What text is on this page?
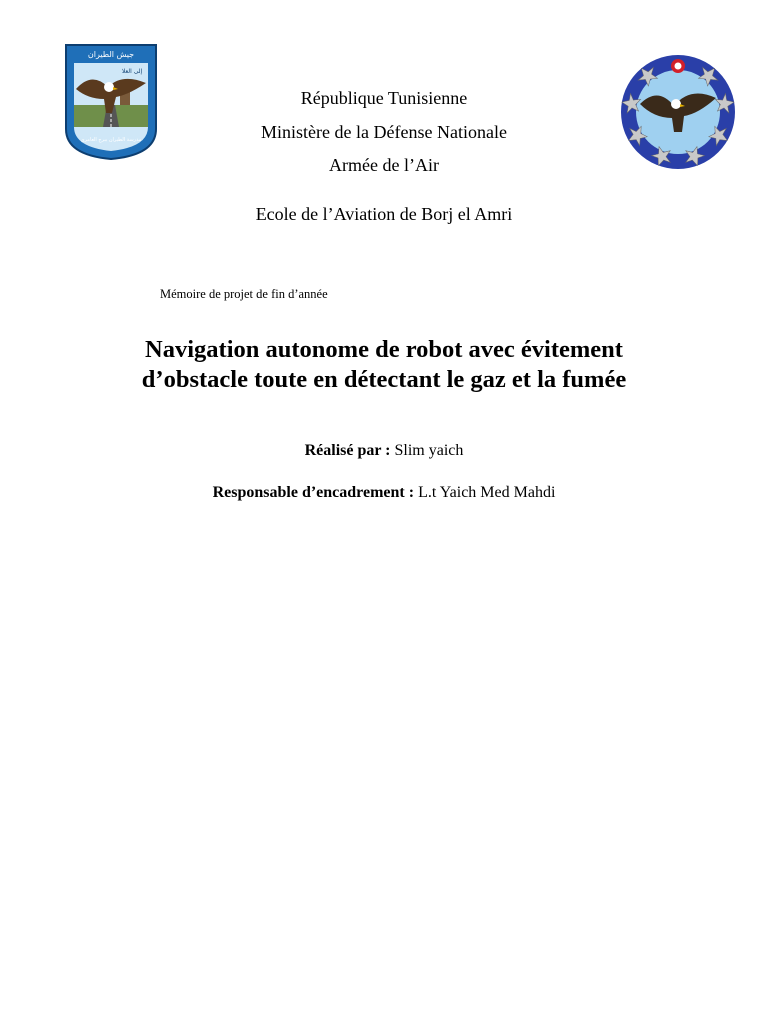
جيش الطيران
إلى العلا
مدرسة الطيران ببرج العامري
République Tunisienne
Ministère de la Défense Nationale
Armée de l’Air
Ecole de l’Aviation de Borj el Amri
Mémoire de projet de fin d’année
Navigation autonome de robot avec évitement
d’obstacle toute en détectant le gaz et la fumée
Réalisé par : Slim yaich
Responsable d’encadrement : L.t Yaich Med Mahdi
